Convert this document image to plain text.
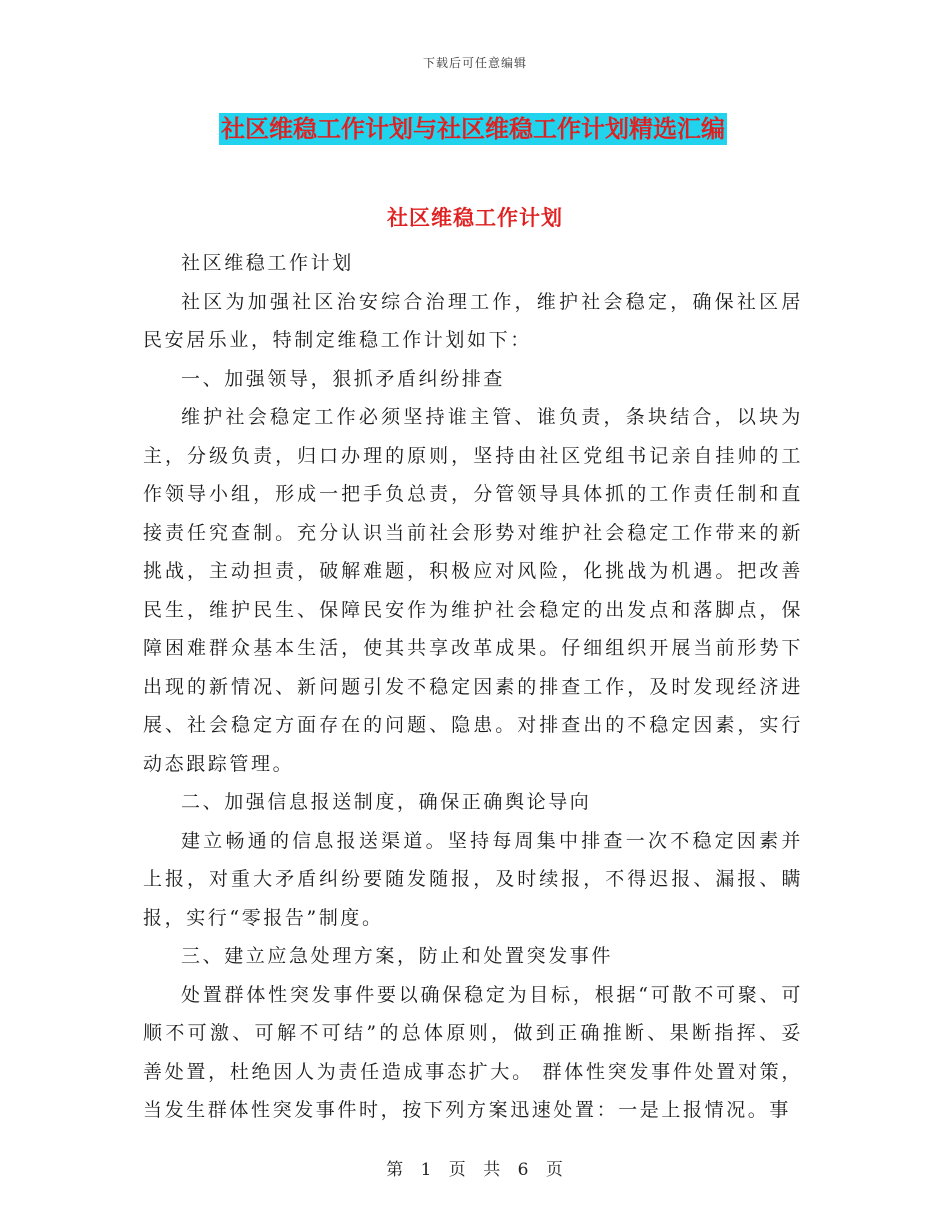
下载后可任意编辑
社区维稳工作计划与社区维稳工作计划精选汇编
社区维稳工作计划

社区维稳工作计划

社区为加强社区治安综合治理工作，维护社会稳定，确保社区居民安居乐业，特制定维稳工作计划如下：

一、加强领导，狠抓矛盾纠纷排查

维护社会稳定工作必须坚持谁主管、谁负责，条块结合，以块为主，分级负责，归口办理的原则，坚持由社区党组书记亲自挂帅的工作领导小组，形成一把手负总责，分管领导具体抓的工作责任制和直接责任究查制。充分认识当前社会形势对维护社会稳定工作带来的新挑战，主动担责，破解难题，积极应对风险，化挑战为机遇。把改善民生，维护民生、保障民安作为维护社会稳定的出发点和落脚点，保障困难群众基本生活，使其共享改革成果。仔细组织开展当前形势下出现的新情况、新问题引发不稳定因素的排查工作，及时发现经济进展、社会稳定方面存在的问题、隐患。对排查出的不稳定因素，实行动态跟踪管理。

二、加强信息报送制度，确保正确舆论导向

建立畅通的信息报送渠道。坚持每周集中排查一次不稳定因素并上报，对重大矛盾纠纷要随发随报，及时续报，不得迟报、漏报、瞒报，实行“零报告”制度。

三、建立应急处理方案，防止和处置突发事件

处置群体性突发事件要以确保稳定为目标，根据“可散不可聚、可顺不可激、可解不可结”的总体原则，做到正确推断、果断指挥、妥善处置，杜绝因人为责任造成事态扩大。 群体性突发事件处置对策，当发生群体性突发事件时，按下列方案迅速处置：一是上报情况。事

第 1 页 共 6 页
